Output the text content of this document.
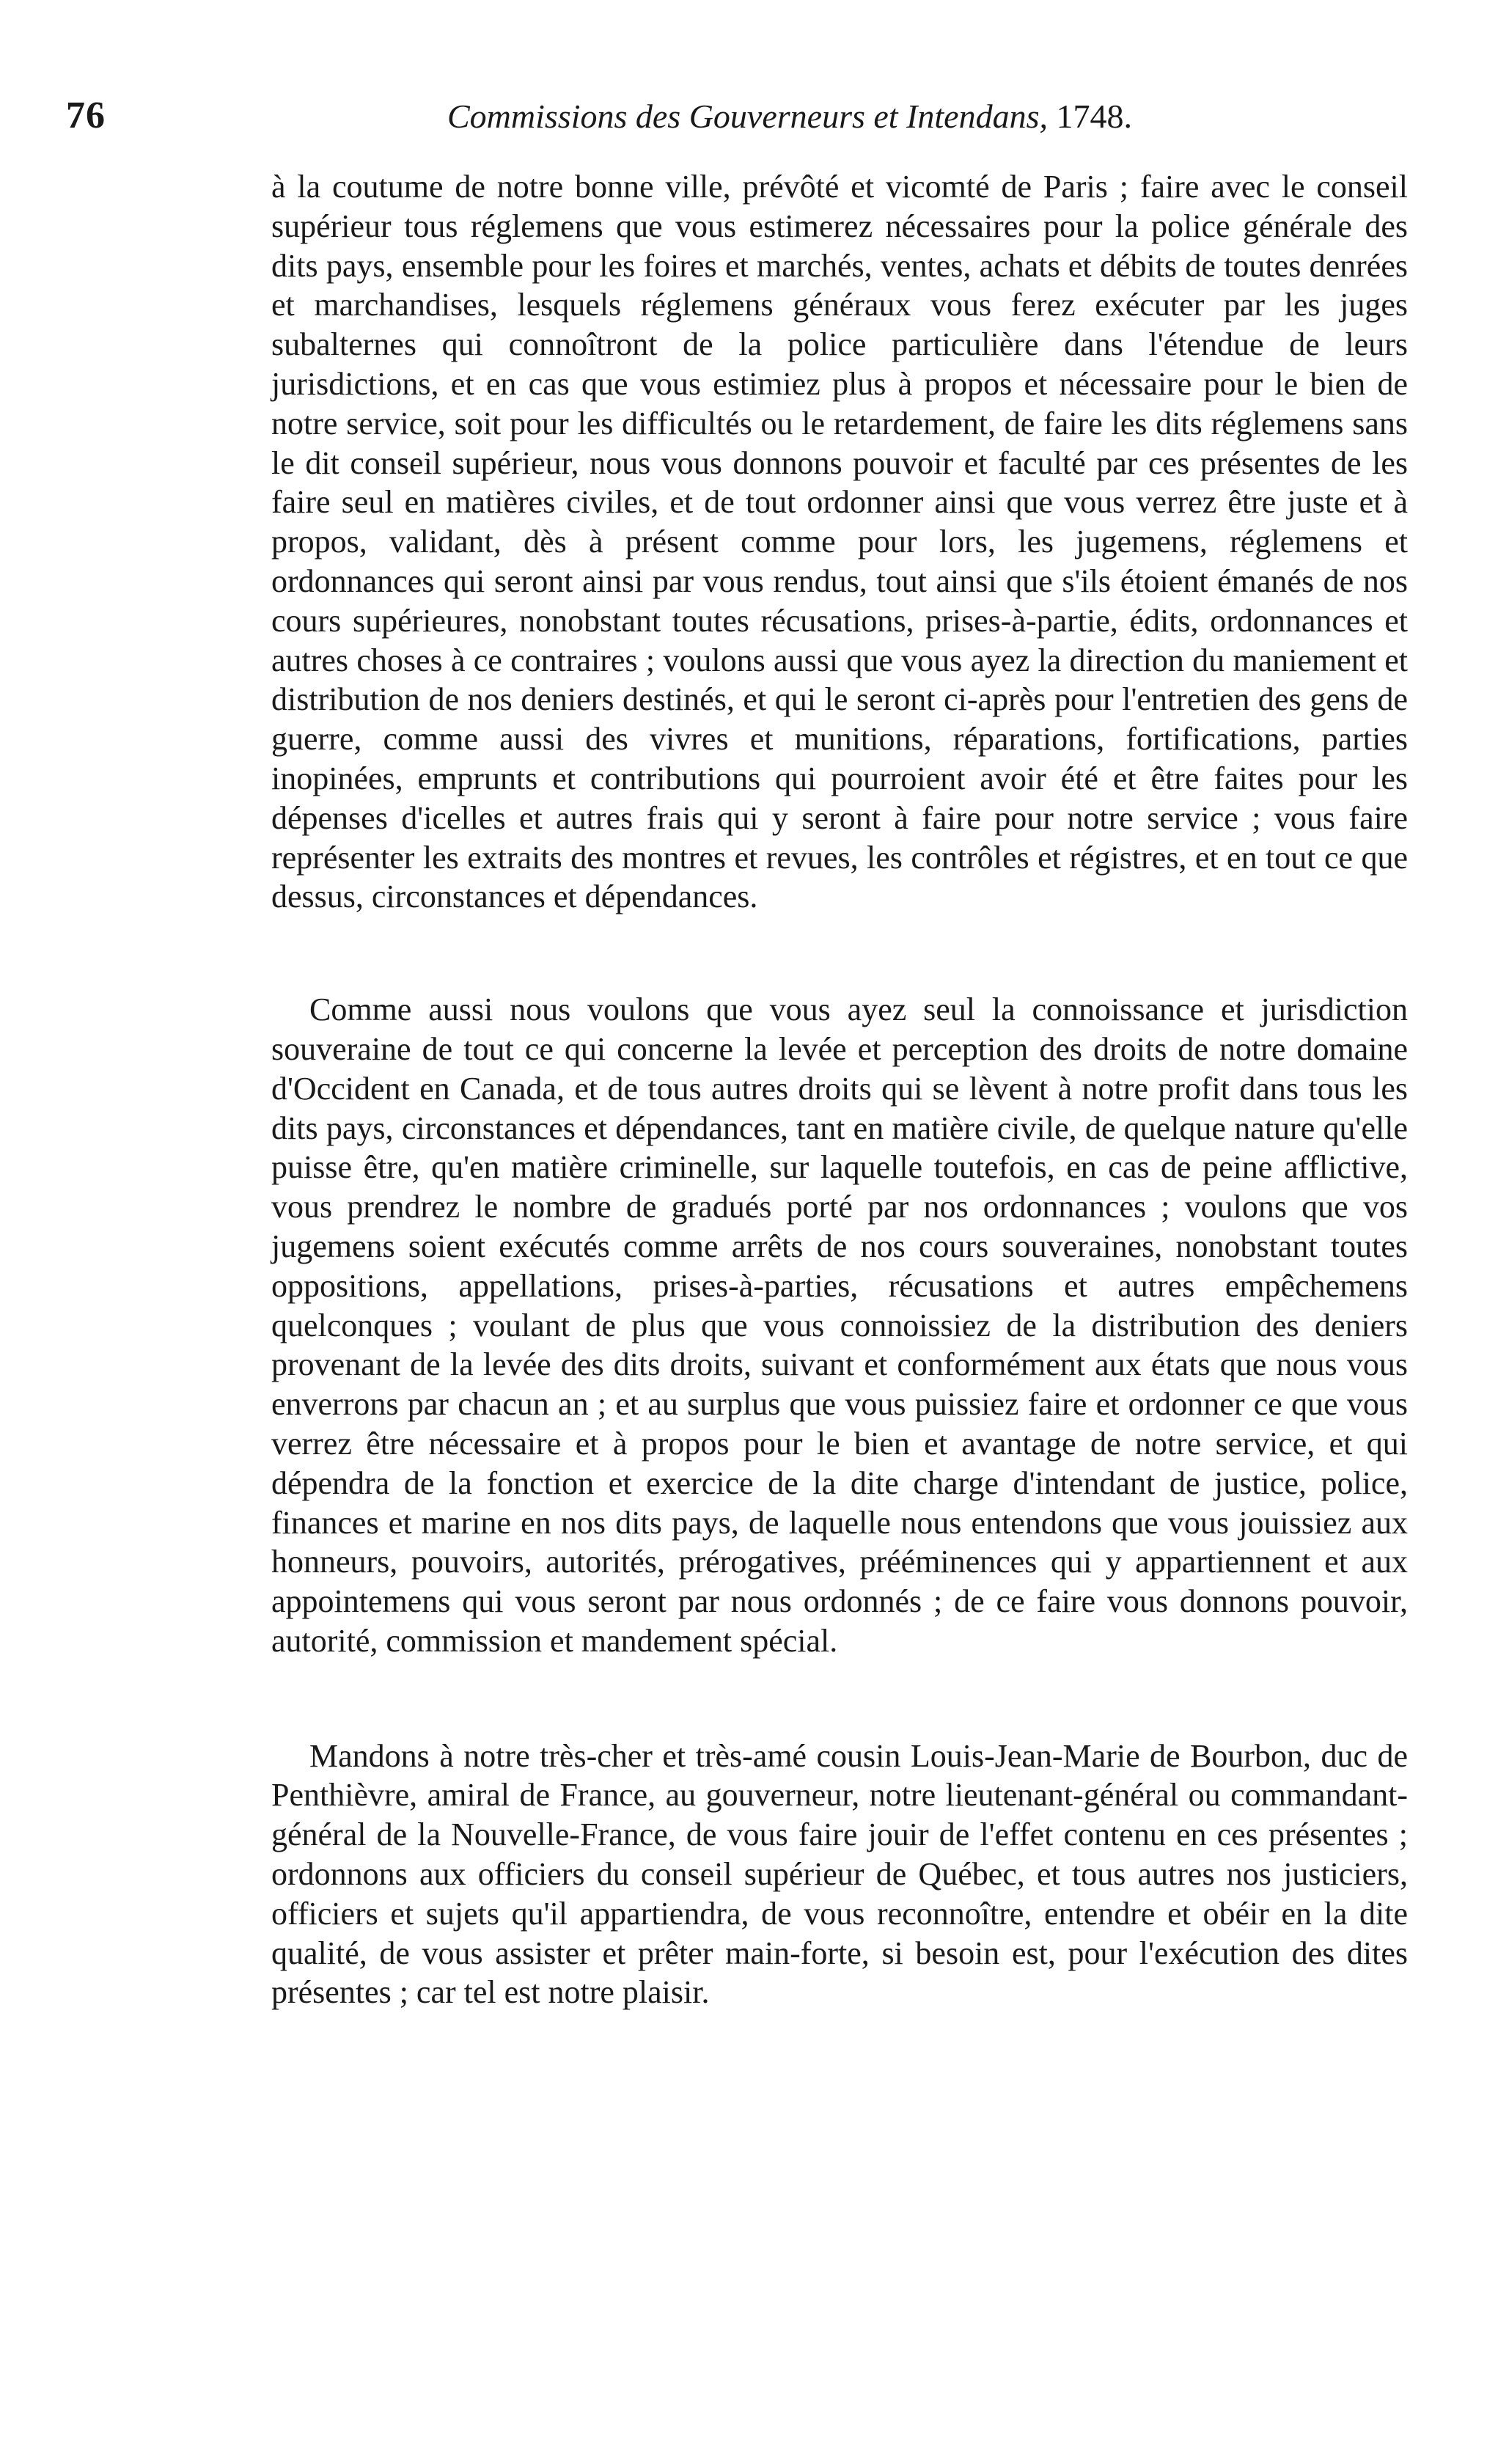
76	Commissions des Gouverneurs et Intendans, 1748.

à la coutume de notre bonne ville, prévôté et vicomté de Paris ; faire avec le conseil supérieur tous réglemens que vous estimerez nécessaires pour la police générale des dits pays, ensemble pour les foires et marchés, ventes, achats et débits de toutes denrées et marchandises, lesquels réglemens généraux vous ferez exécuter par les juges subalternes qui connoîtront de la police particulière dans l'étendue de leurs jurisdictions, et en cas que vous estimiez plus à propos et nécessaire pour le bien de notre service, soit pour les difficultés ou le retardement, de faire les dits réglemens sans le dit conseil supérieur, nous vous donnons pouvoir et faculté par ces présentes de les faire seul en matières civiles, et de tout ordonner ainsi que vous verrez être juste et à propos, validant, dès à présent comme pour lors, les jugemens, réglemens et ordonnances qui seront ainsi par vous rendus, tout ainsi que s'ils étoient émanés de nos cours supérieures, nonobstant toutes récusations, prises-à-partie, édits, ordonnances et autres choses à ce contraires ; voulons aussi que vous ayez la direction du maniement et distribution de nos deniers destinés, et qui le seront ci-après pour l'entretien des gens de guerre, comme aussi des vivres et munitions, réparations, fortifications, parties inopinées, emprunts et contributions qui pourroient avoir été et être faites pour les dépenses d'icelles et autres frais qui y seront à faire pour notre service ; vous faire représenter les extraits des montres et revues, les contrôles et régistres, et en tout ce que dessus, circonstances et dépendances.

Comme aussi nous voulons que vous ayez seul la connoissance et jurisdiction souveraine de tout ce qui concerne la levée et perception des droits de notre domaine d'Occident en Canada, et de tous autres droits qui se lèvent à notre profit dans tous les dits pays, circonstances et dépendances, tant en matière civile, de quelque nature qu'elle puisse être, qu'en matière criminelle, sur laquelle toutefois, en cas de peine afflictive, vous prendrez le nombre de gradués porté par nos ordonnances ; voulons que vos jugemens soient exécutés comme arrêts de nos cours souveraines, nonobstant toutes oppositions, appellations, prises-à-parties, récusations et autres empêchemens quelconques ; voulant de plus que vous connoissiez de la distribution des deniers provenant de la levée des dits droits, suivant et conformément aux états que nous vous enverrons par chacun an ; et au surplus que vous puissiez faire et ordonner ce que vous verrez être nécessaire et à propos pour le bien et avantage de notre service, et qui dépendra de la fonction et exercice de la dite charge d'intendant de justice, police, finances et marine en nos dits pays, de laquelle nous entendons que vous jouissiez aux honneurs, pouvoirs, autorités, prérogatives, prééminences qui y appartiennent et aux appointemens qui vous seront par nous ordonnés ; de ce faire vous donnons pouvoir, autorité, commission et mandement spécial.

Mandons à notre très-cher et très-amé cousin Louis-Jean-Marie de Bourbon, duc de Penthièvre, amiral de France, au gouverneur, notre lieutenant-général ou commandant-général de la Nouvelle-France, de vous faire jouir de l'effet contenu en ces présentes ; ordonnons aux officiers du conseil supérieur de Québec, et tous autres nos justiciers, officiers et sujets qu'il appartiendra, de vous reconnoître, entendre et obéir en la dite qualité, de vous assister et prêter main-forte, si besoin est, pour l'exécution des dites présentes ; car tel est notre plaisir.
